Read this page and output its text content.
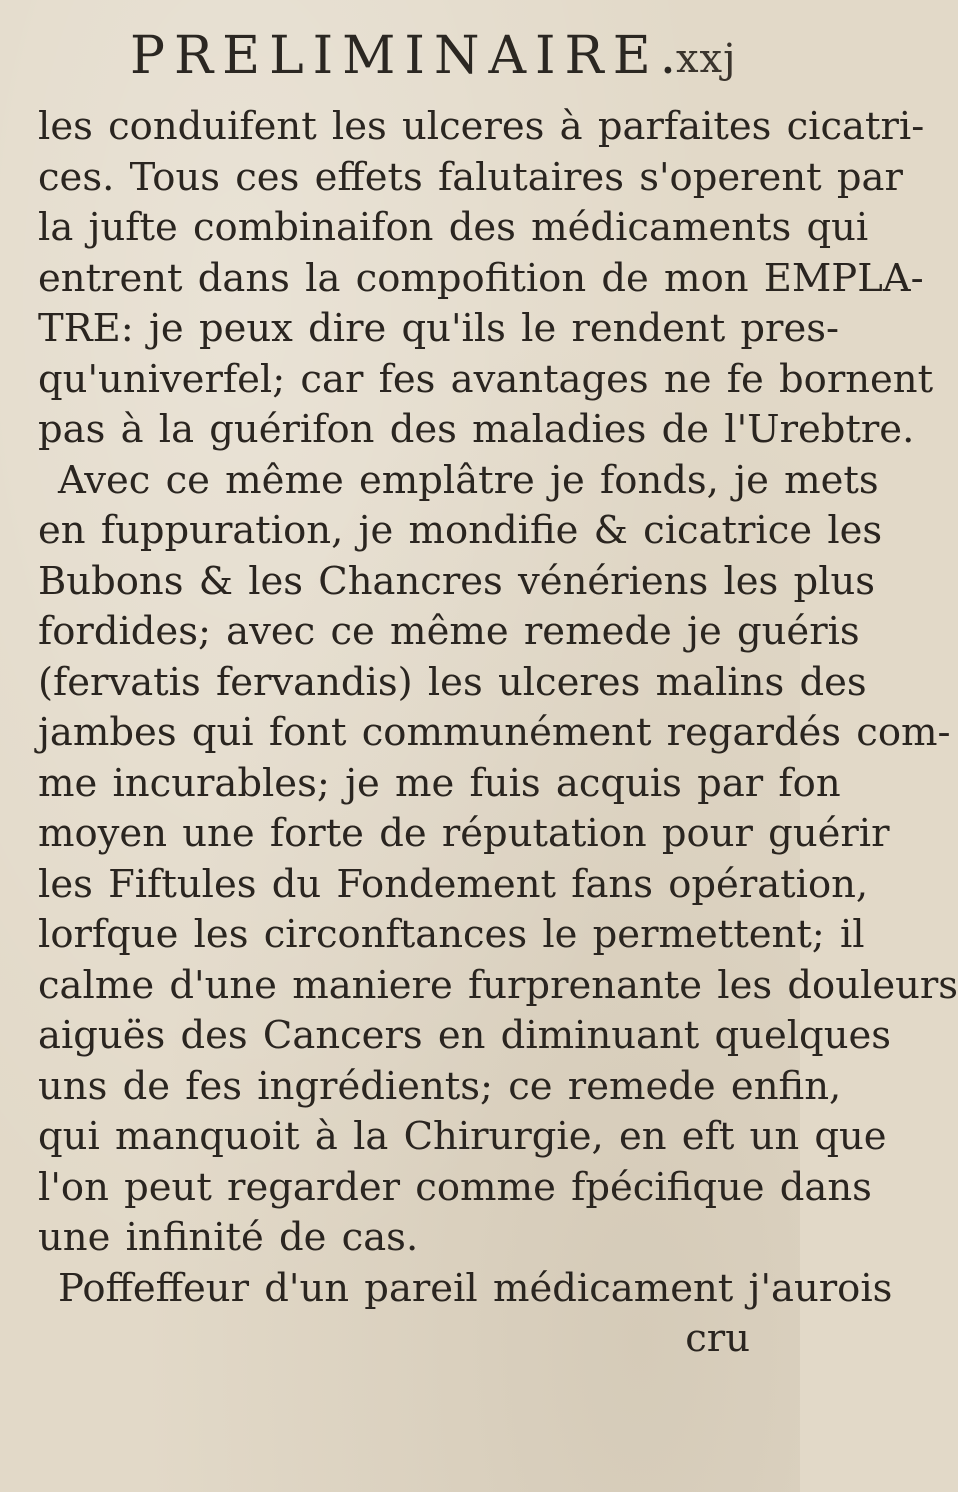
PRELIMINAIRE.
xxj
les conduifent les ulceres à parfaites cicatri-
ces. Tous ces effets falutaires s'operent par
la jufte combinaifon des médicaments qui
entrent dans la compofition de mon EMPLA-
TRE: je peux dire qu'ils le rendent pres-
qu'univerfel; car fes avantages ne fe bornent
pas à la guérifon des maladies de l'Urebtre.
Avec ce même emplâtre je fonds, je mets
en fuppuration, je mondifie & cicatrice les
Bubons & les Chancres vénériens les plus
fordides; avec ce même remede je guéris
(fervatis fervandis) les ulceres malins des
jambes qui font communément regardés com-
me incurables; je me fuis acquis par fon
moyen une forte de réputation pour guérir
les Fiftules du Fondement fans opération,
lorfque les circonftances le permettent; il
calme d'une maniere furprenante les douleurs
aiguës des Cancers en diminuant quelques
uns de fes ingrédients; ce remede enfin,
qui manquoit à la Chirurgie, en eft un que
l'on peut regarder comme fpécifique dans
une infinité de cas.
Poffeffeur d'un pareil médicament j'aurois
cru
